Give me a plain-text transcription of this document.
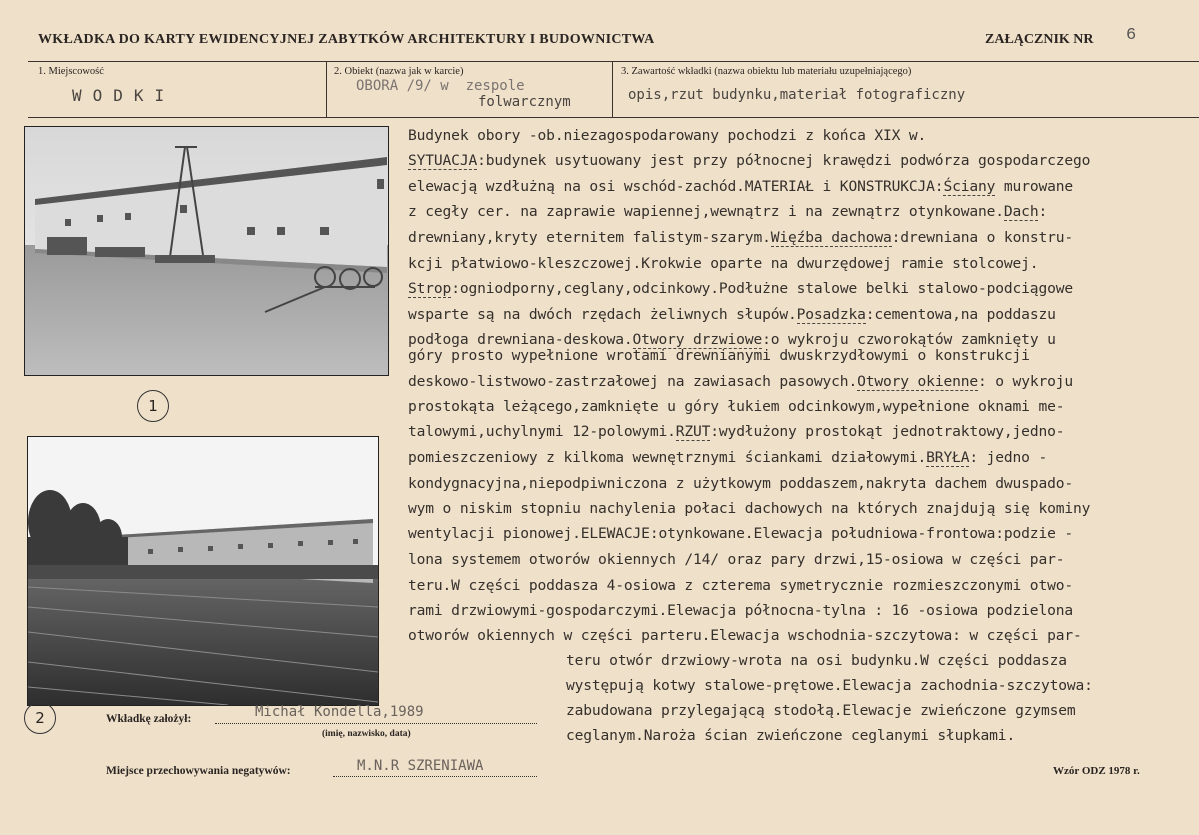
WKŁADKA DO KARTY EWIDENCYJNEJ ZABYTKÓW ARCHITEKTURY I BUDOWNICTWA	ZAŁĄCZNIK NR 6
1. Miejscowość
WODKI
2. Obiekt (nazwa jak w karcie)
OBORA /9/ w  zespole
folwarcznym
3. Zawartość wkładki (nazwa obiektu lub materiału uzupełniającego)
opis,rzut budynku,materiał fotograficzny
1
2
Budynek obory -ob.niezagospodarowany pochodzi z końca XIX w.
SYTUACJA:budynek usytuowany jest przy północnej krawędzi podwórza gospodarczego
elewacją wzdłużną na osi wschód-zachód.MATERIAŁ i KONSTRUKCJA:Ściany murowane
z cegły cer. na zaprawie wapiennej,wewnątrz i na zewnątrz otynkowane.Dach:
drewniany,kryty eternitem falistym-szarym.Więźba dachowa:drewniana o konstru-
kcji płatwiowo-kleszczowej.Krokwie oparte na dwurzędowej ramie stolcowej.
Strop:ogniodporny,ceglany,odcinkowy.Podłużne stalowe belki stalowo-podciągowe
wsparte są na dwóch rzędach żeliwnych słupów.Posadzka:cementowa,na poddaszu
podłoga drewniana-deskowa.Otwory drzwiowe:o wykroju czworokątów zamknięty u
góry prosto wypełnione wrotami drewnianymi dwuskrzydłowymi o konstrukcji
deskowo-listwowo-zastrzałowej na zawiasach pasowych.Otwory okienne: o wykroju
prostokąta leżącego,zamknięte u góry łukiem odcinkowym,wypełnione oknami me-
talowymi,uchylnymi 12-polowymi.RZUT:wydłużony prostokąt jednotraktowy,jedno-
pomieszczeniowy z kilkoma wewnętrznymi ściankami działowymi.BRYŁA: jedno -
kondygnacyjna,niepodpiwniczona z użytkowym poddaszem,nakryta dachem dwuspado-
wym o niskim stopniu nachylenia połaci dachowych na których znajdują się kominy
wentylacji pionowej.ELEWACJE:otynkowane.Elewacja południowa-frontowa:podzie -
lona systemem otworów okiennych /14/ oraz pary drzwi,15-osiowa w części par-
teru.W części poddasza 4-osiowa z czterema symetrycznie rozmieszczonymi otwo-
rami drzwiowymi-gospodarczymi.Elewacja północna-tylna : 16 -osiowa podzielona
otworów okiennych w części parteru.Elewacja wschodnia-szczytowa: w części par-
teru otwór drzwiowy-wrota na osi budynku.W części poddasza
występują kotwy stalowe-prętowe.Elewacja zachodnia-szczytowa:
zabudowana przylegającą stodołą.Elewacje zwieńczone gzymsem
ceglanym.Naroża ścian zwieńczone ceglanymi słupkami.
Wkładkę założył:	Michał Kondella,1989
(imię, nazwisko, data)
Miejsce przechowywania negatywów:	M.N.R SZRENIAWA	Wzór ODZ 1978 r.
